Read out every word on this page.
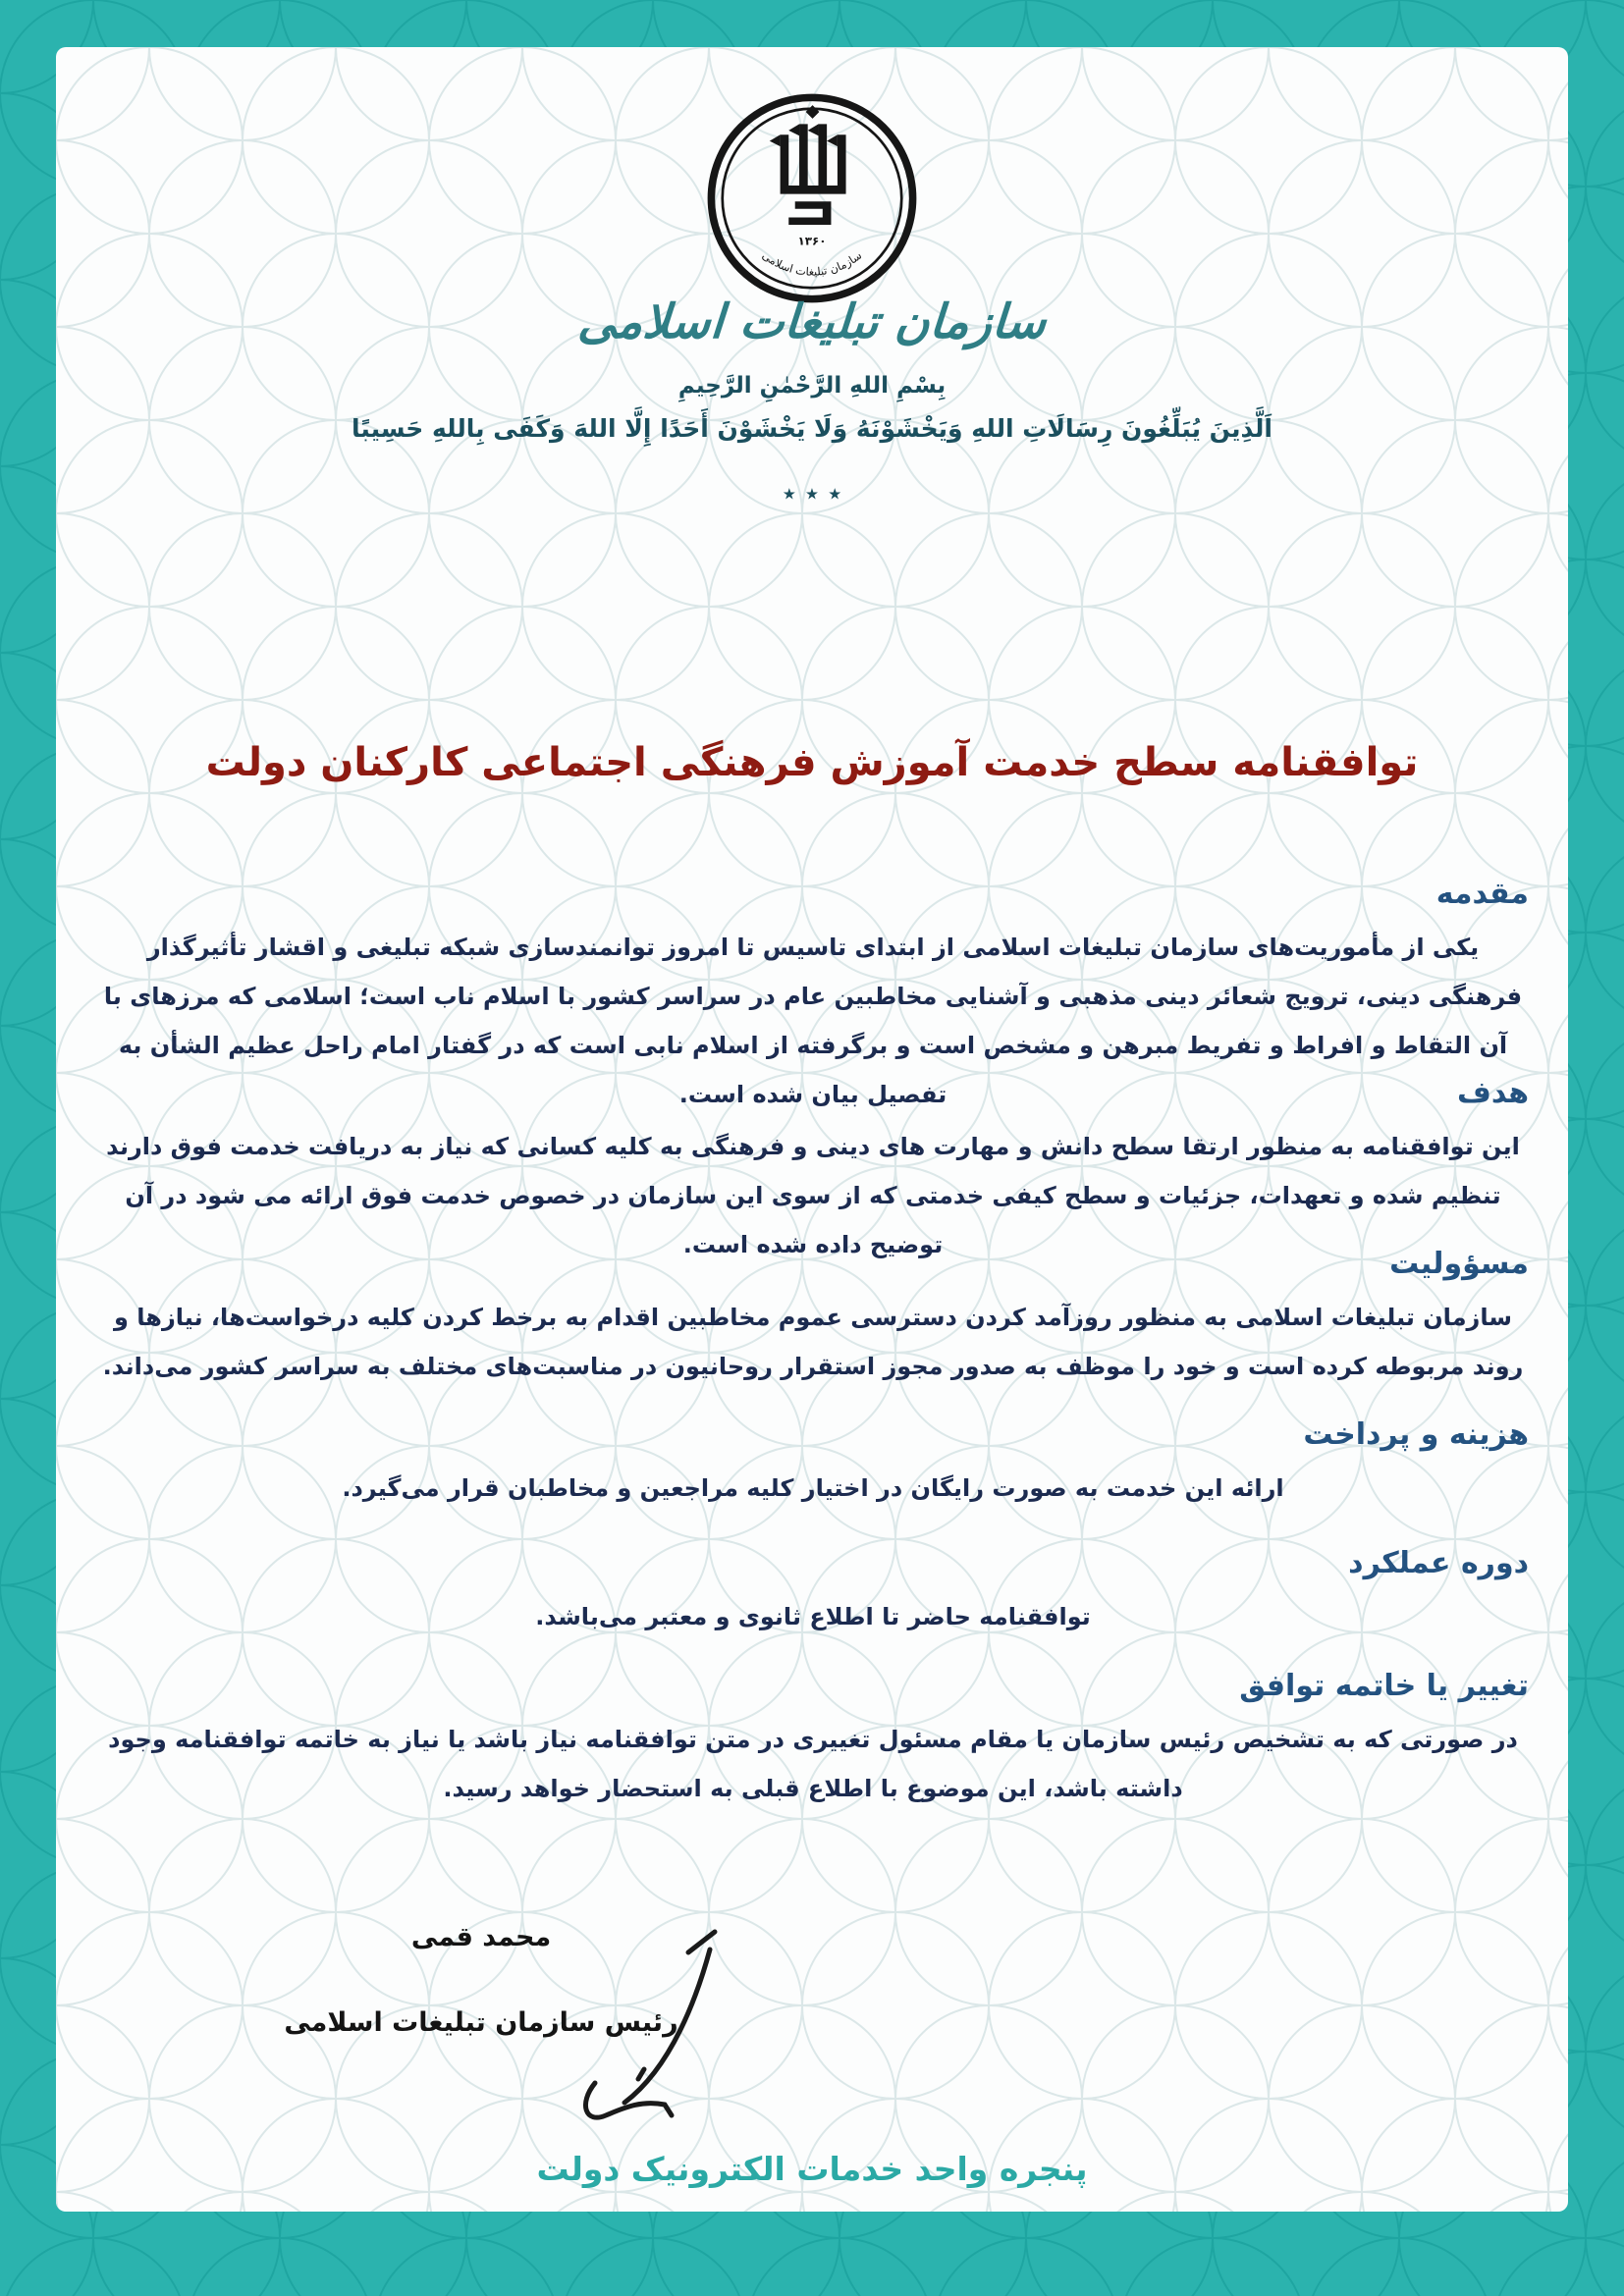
۱۳۶۰
سازمان تبلیغات اسلامی
سازمان تبلیغات اسلامی
بِسْمِ اللهِ الرَّحْمٰنِ الرَّحِيمِ
اَلَّذِينَ يُبَلِّغُونَ رِسَالَاتِ اللهِ وَيَخْشَوْنَهُ وَلَا يَخْشَوْنَ أَحَدًا إِلَّا اللهَ وَكَفَى بِاللهِ حَسِيبًا
٭ ٭ ٭
توافقنامه سطح خدمت آموزش فرهنگی اجتماعی کارکنان دولت
مقدمه

یکی از مأموریت‌های سازمان تبلیغات اسلامی از ابتدای تاسیس تا امروز توانمندسازی شبکه تبلیغی و اقشار تأثیرگذار فرهنگی دینی، ترویج شعائر دینی مذهبی و آشنایی مخاطبین عام در سراسر کشور با اسلام ناب است؛ اسلامی که مرزهای با آن التقاط و افراط و تفریط مبرهن و مشخص است و برگرفته از اسلام نابی است که در گفتار امام راحل عظیم الشأن به تفصیل بیان شده است.	هدف

این توافقنامه به منظور ارتقا سطح دانش و مهارت های دینی و فرهنگی به کلیه کسانی که نیاز به دریافت خدمت فوق دارند تنظیم شده و تعهدات، جزئیات و سطح کیفی خدمتی که از سوی این سازمان در خصوص خدمت فوق ارائه می شود در آن توضیح داده شده است.

مسؤولیت

سازمان تبلیغات اسلامی به منظور روزآمد کردن دسترسی عموم مخاطبین اقدام به برخط کردن کلیه درخواست‌ها، نیازها و روند مربوطه کرده است و خود را موظف به صدور مجوز استقرار روحانیون در مناسبت‌های مختلف به سراسر کشور می‌داند.

هزینه و پرداخت

ارائه این خدمت به صورت رایگان در اختیار کلیه مراجعین و مخاطبان قرار می‌گیرد.

دوره عملکرد

توافقنامه حاضر تا اطلاع ثانوی و معتبر می‌باشد.

تغییر یا خاتمه توافق

در صورتی که به تشخیص رئیس سازمان یا مقام مسئول تغییری در متن توافقنامه نیاز باشد یا نیاز به خاتمه توافقنامه وجود داشته باشد، این موضوع با اطلاع قبلی به استحضار خواهد رسید.

محمد قمی
رئیس سازمان تبلیغات اسلامی
پنجره واحد خدمات الکترونیک دولت
